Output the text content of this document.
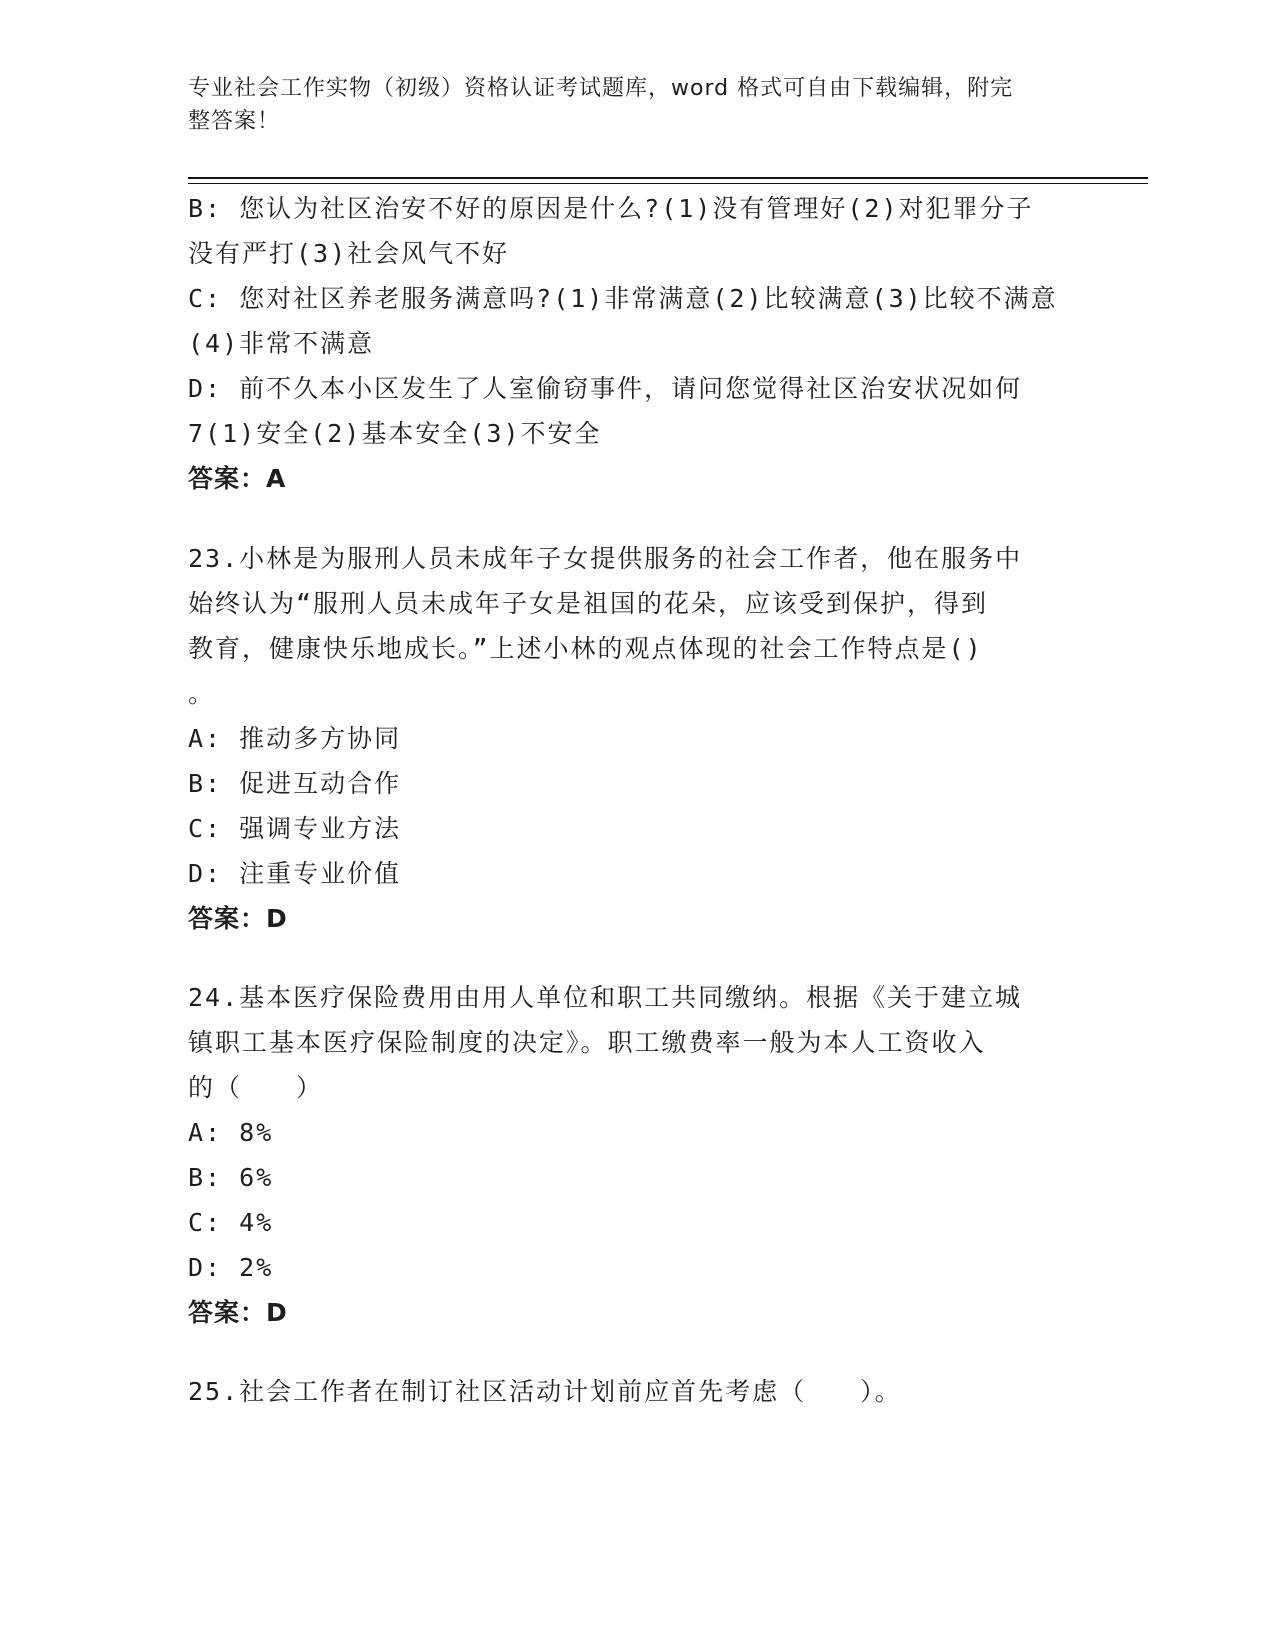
专业社会工作实物（初级）资格认证考试题库，word 格式可自由下载编辑，附完
整答案！

B: 您认为社区治安不好的原因是什么?(1)没有管理好(2)对犯罪分子

没有严打(3)社会风气不好

C: 您对社区养老服务满意吗?(1)非常满意(2)比较满意(3)比较不满意

(4)非常不满意

D: 前不久本小区发生了人室偷窃事件，请问您觉得社区治安状况如何

7(1)安全(2)基本安全(3)不安全

答案：A

23.小林是为服刑人员未成年子女提供服务的社会工作者，他在服务中

始终认为“服刑人员未成年子女是祖国的花朵，应该受到保护，得到

教育，健康快乐地成长。”上述小林的观点体现的社会工作特点是()

。

A: 推动多方协同

B: 促进互动合作

C: 强调专业方法

D: 注重专业价值

答案：D

24.基本医疗保险费用由用人单位和职工共同缴纳。根据《关于建立城

镇职工基本医疗保险制度的决定》。职工缴费率一般为本人工资收入

的（　　）

A: 8%

B: 6%

C: 4%

D: 2%

答案：D

25.社会工作者在制订社区活动计划前应首先考虑（　　）。
